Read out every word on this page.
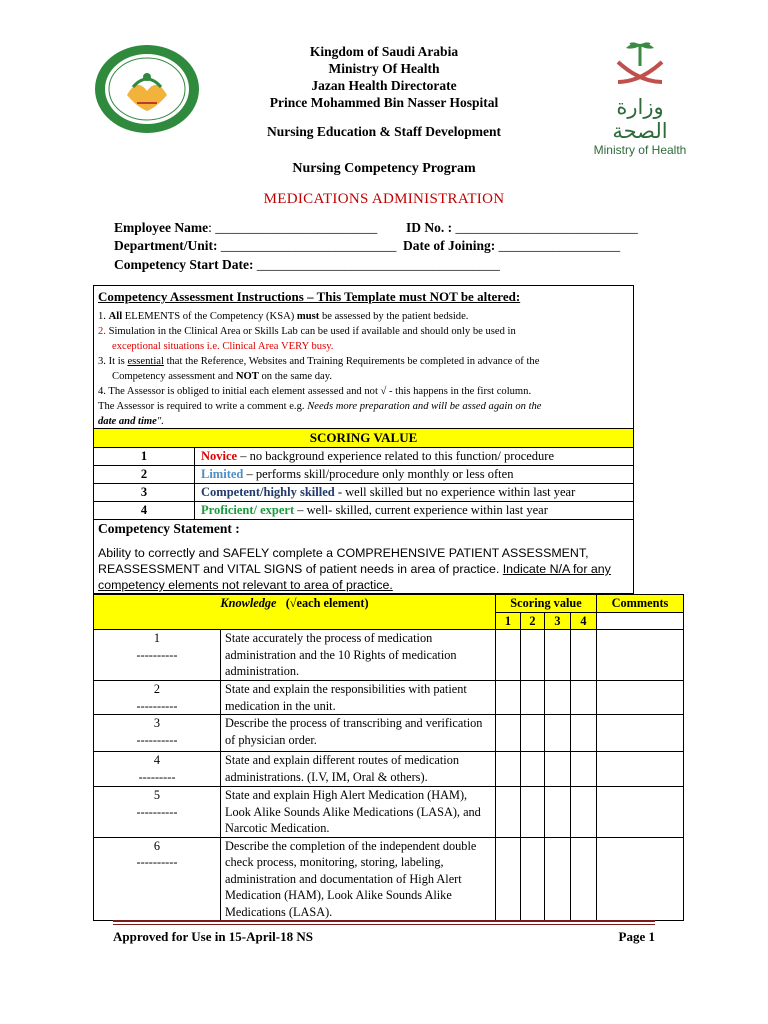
وزارة الصحة
Ministry of Health
Kingdom of Saudi Arabia
Ministry Of Health
Jazan Health Directorate
Prince Mohammed Bin Nasser Hospital
Nursing Education & Staff Development
Nursing Competency Program
MEDICATIONS ADMINISTRATION
Employee Name: ________________________ ID No. : ___________________________
Department/Unit: __________________________ Date of Joining: __________________
Competency Start Date: ____________________________________
Competency Assessment Instructions – This Template must NOT be altered:
1. All ELEMENTS of the Competency (KSA) must be assessed by the patient bedside.
2. Simulation in the Clinical Area or Skills Lab can be used if available and should only be used in
exceptional situations i.e. Clinical Area VERY busy.
3. It is essential that the Reference, Websites and Training Requirements be completed in advance of the
Competency assessment and NOT on the same day.
4. The Assessor is obliged to initial each element assessed and not √ - this happens in the first column.
The Assessor is required to write a comment e.g. Needs more preparation and will be assed again on the
date and time".
SCORING VALUE
1	Novice – no background experience related to this function/ procedure
2	Limited – performs skill/procedure only monthly or less often
3	Competent/highly skilled - well skilled but no experience within last year
4	Proficient/ expert – well- skilled, current experience within last year
Competency Statement :
Ability to correctly and SAFELY complete a COMPREHENSIVE PATIENT ASSESSMENT, REASSESSMENT and VITAL SIGNS of patient needs in area of practice. Indicate N/A for any competency elements not relevant to area of practice.
Knowledge (√each element)		Scoring value				Comments
		1	2	3	4	

1
----------	State accurately the process of medication administration and the 10 Rights of medication administration.					

2
----------	State and explain the responsibilities with patient medication in the unit.					

3
----------	Describe the process of transcribing and verification of physician order.					

4
---------	State and explain different routes of medication administrations. (I.V, IM, Oral & others).					

5
----------	State and explain High Alert Medication (HAM), Look Alike Sounds Alike Medications (LASA), and Narcotic Medication.					

6
----------	Describe the completion of the independent double check process, monitoring, storing, labeling, administration and documentation of High Alert Medication (HAM), Look Alike Sounds Alike Medications (LASA).					
Approved for Use in 15-April-18 NS	Page 1
